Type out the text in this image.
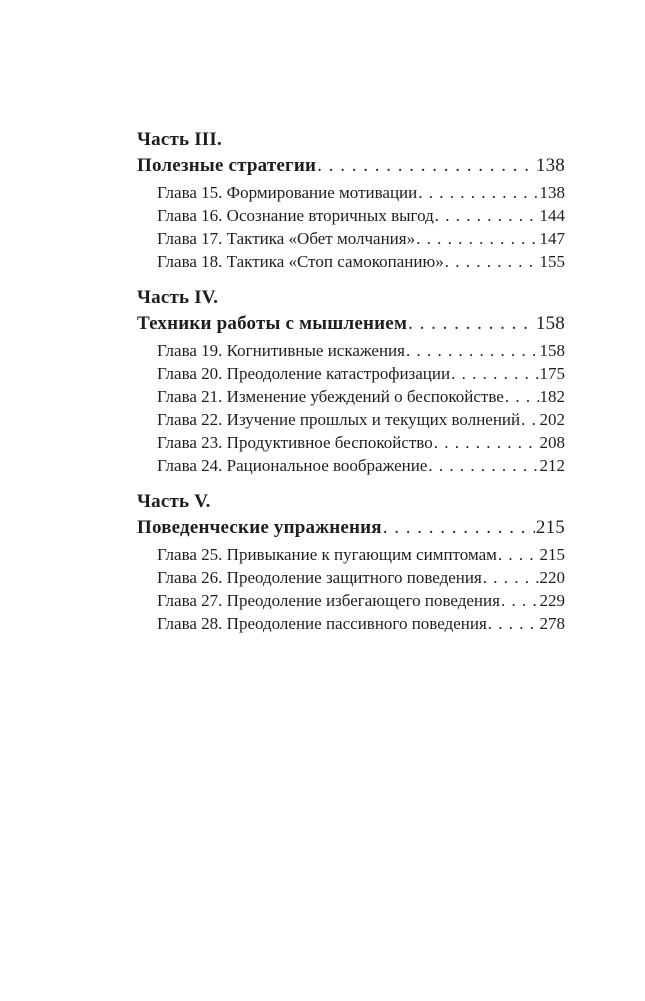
Часть III.
Полезные стратегии . . .	138
Глава 15. Формирование мотивации . . .	138
Глава 16. Осознание вторичных выгод . . .	144
Глава 17. Тактика «Обет молчания» . . .	147
Глава 18. Тактика «Стоп самокопанию» . . .	155
Часть IV.
Техники работы с мышлением . . .	158
Глава 19. Когнитивные искажения . . .	158
Глава 20. Преодоление катастрофизации . . .	175
Глава 21. Изменение убеждений о беспокойстве . . . 182
Глава 22. Изучение прошлых и текущих волнений . . . 202
Глава 23. Продуктивное беспокойство . . .	208
Глава 24. Рациональное воображение . . .	212
Часть V.
Поведенческие упражнения . . .	215
Глава 25. Привыкание к пугающим симптомам . . .	215
Глава 26. Преодоление защитного поведения . . .	220
Глава 27. Преодоление избегающего поведения . . . 229
Глава 28. Преодоление пассивного поведения . . .	278
